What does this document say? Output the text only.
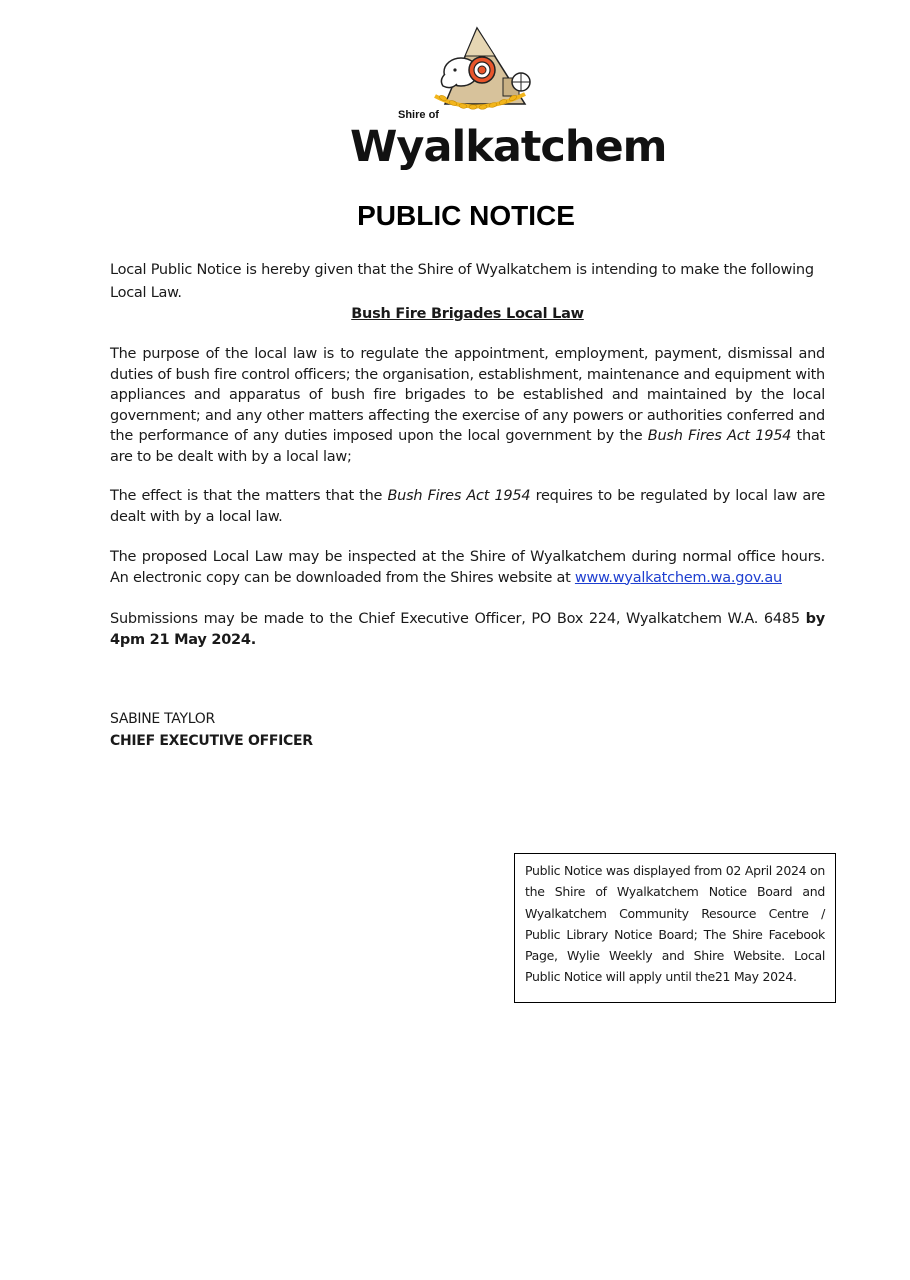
Shire of
Wyalkatchem
PUBLIC NOTICE
Local Public Notice is hereby given that the Shire of Wyalkatchem is intending to make the following Local Law.
Bush Fire Brigades Local Law
The purpose of the local law is to regulate the appointment, employment, payment, dismissal and duties of bush fire control officers; the organisation, establishment, maintenance and equipment with appliances and apparatus of bush fire brigades to be established and maintained by the local government; and any other matters affecting the exercise of any powers or authorities conferred and the performance of any duties imposed upon the local government by the Bush Fires Act 1954 that are to be dealt with by a local law;
The effect is that the matters that the Bush Fires Act 1954 requires to be regulated by local law are dealt with by a local law.
The proposed Local Law may be inspected at the Shire of Wyalkatchem during normal office hours. An electronic copy can be downloaded from the Shires website at www.wyalkatchem.wa.gov.au
Submissions may be made to the Chief Executive Officer, PO Box 224, Wyalkatchem W.A. 6485 by 4pm 21 May 2024.
SABINE TAYLOR
CHIEF EXECUTIVE OFFICER
Public Notice was displayed from 02 April 2024 on the Shire of Wyalkatchem Notice Board and Wyalkatchem Community Resource Centre / Public Library Notice Board; The Shire Facebook Page, Wylie Weekly and Shire Website. Local Public Notice will apply until the21 May 2024.
